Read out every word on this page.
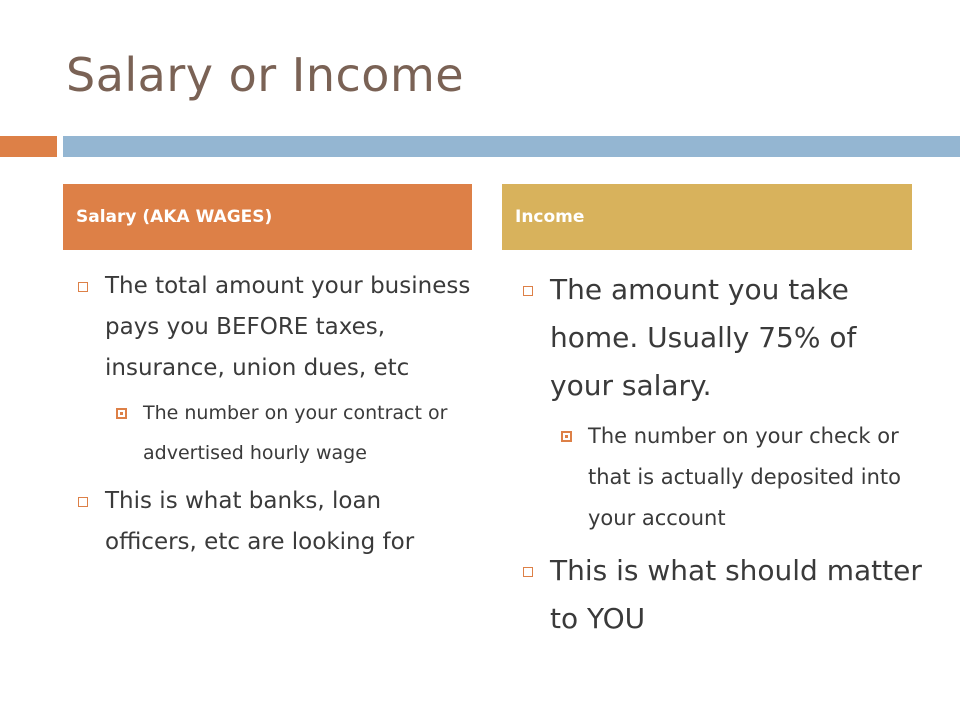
Salary or Income
Salary (AKA WAGES)	Income
The total amount your business pays you BEFORE taxes, insurance, union dues, etc
The number on your contract or advertised hourly wage
This is what banks, loan officers, etc are looking for
The amount you take home. Usually 75% of your salary.
The number on your check or that is actually deposited into your account
This is what should matter to YOU
